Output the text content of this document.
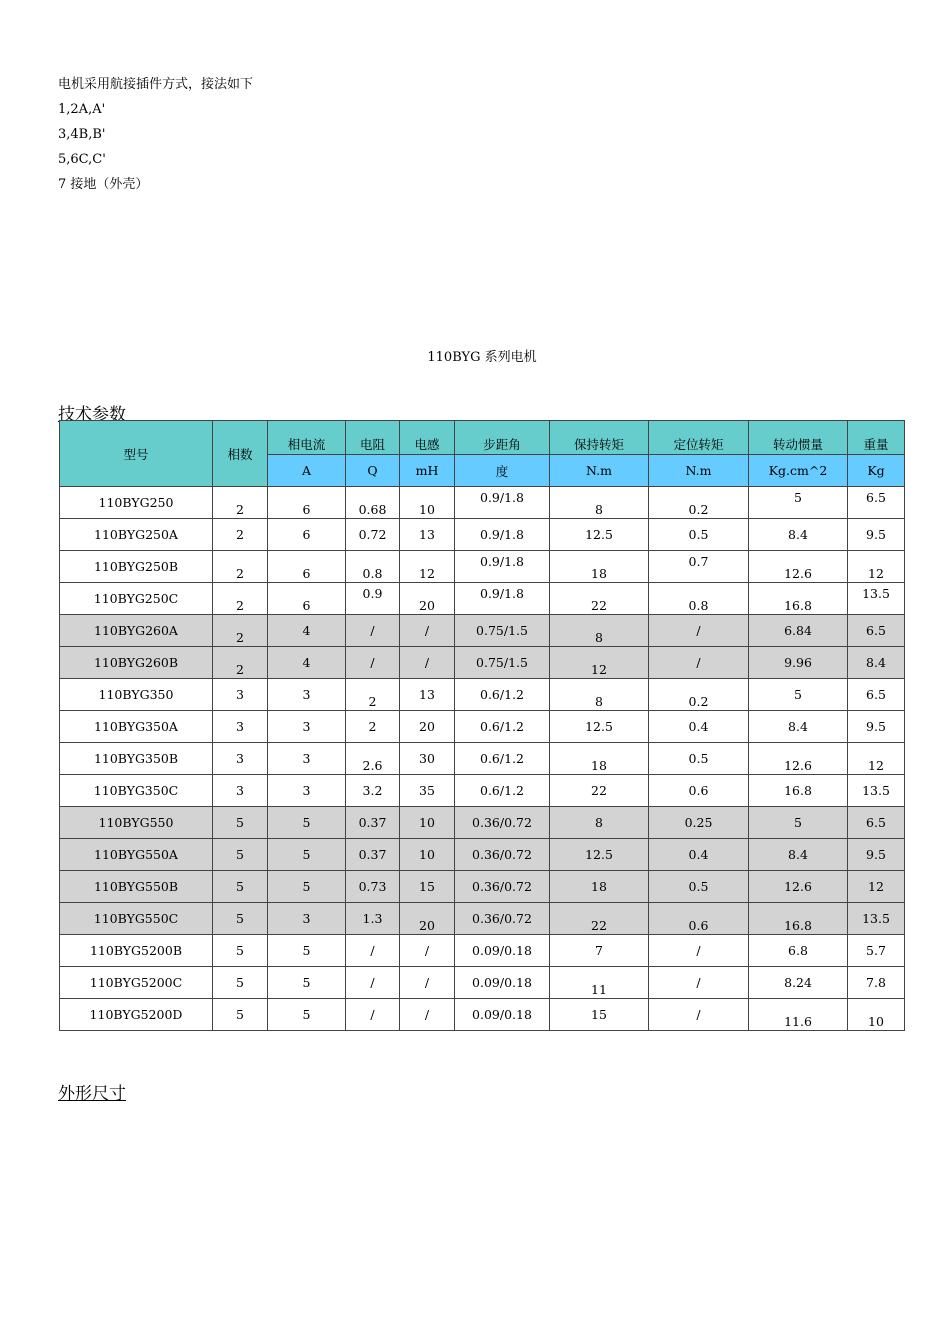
电机采用航接插件方式，接法如下
1,2A,A'
3,4B,B'
5,6C,C'
7 接地（外壳）
110BYG 系列电机
技术参数
型号	相数	相电流	电阻	电感	步距角	保持转矩	定位转矩	转动惯量	重量
		A	Q	mH	度	N.m	N.m	Kg.cm^2	Kg
110BYG250	2	6	0.68	10	0.9/1.8	8	0.2	5	6.5

110BYG250A	2	6	0.72	13	0.9/1.8	12.5	0.5	8.4	9.5
110BYG250B	2	6	0.8	12	0.9/1.8	18	0.7	12.6	12

110BYG250C	2	6	0.9	20	0.9/1.8	22	0.8	16.8	13.5

110BYG260A	2	4	/	/	0.75/1.5	8	/	6.84	6.5
110BYG260B	2	4	/	/	0.75/1.5	12	/	9.96	8.4
110BYG350	3	3	2	13	0.6/1.2	8	0.2	5	6.5
110BYG350A	3	3	2	20	0.6/1.2	12.5	0.4	8.4	9.5
110BYG350B	3	3	2.6	30	0.6/1.2	18	0.5	12.6	12

110BYG350C	3	3	3.2	35	0.6/1.2	22	0.6	16.8	13.5
110BYG550	5	5	0.37	10	0.36/0.72	8	0.25	5	6.5
110BYG550A	5	5	0.37	10	0.36/0.72	12.5	0.4	8.4	9.5
110BYG550B	5	5	0.73	15	0.36/0.72	18	0.5	12.6	12
110BYG550C	5	3	1.3	20	0.36/0.72	22	0.6	16.8	13.5
110BYG5200B	5	5	/	/	0.09/0.18	7	/	6.8	5.7
110BYG5200C	5	5	/	/	0.09/0.18	11	/	8.24	7.8
110BYG5200D	5	5	/	/	0.09/0.18	15	/	11.6	10
外形尺寸
